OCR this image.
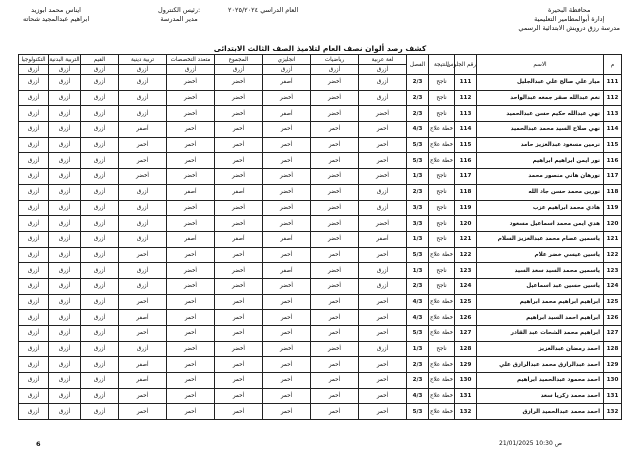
محافظة البحيرة
إدارة أبوالمطامير التعليمية
مدرسة رزق درويش الابتدائية الرسمي
العام الدراسي ٢٠٢٥/٢٠٢٤
رئيس الكنترول:
مدير المدرسة
ايناس محمد ابوزيد
ابراهيم عبدالمجيد شحاته
كشف رصد ألوان نصف العام لتلاميذ الصف الثالث الابتدائى
م	الاسم	رقم الجلوس	النتيجة	الفصل	لغة عربية	رياضيات	انجليزي	المجموع	متعدد التخصصات	تربية دينية	القيم	التربية البدنية	التكنولوجيا
					أزرق	أزرق	أزرق	أزرق	أزرق	أزرق	أزرق	أزرق	أزرق
111	ميار علي صالح علي عبدالجليل	111	ناجح	2/3	أزرق	أخضر	أصفر	أخضر	أخضر	أزرق	أزرق	أزرق	أزرق
112	نغم عبدالله صقر جمعه عبدالواحد	112	ناجح	2/3	أزرق	أخضر	أخضر	أخضر	أخضر	أزرق	أزرق	أزرق	أزرق
113	نهي عبدالله حكيم حسن عبدالحميد	113	ناجح	2/3	أخضر	أخضر	أصفر	أخضر	أخضر	أزرق	أزرق	أزرق	أزرق
114	نهي صلاح السيد محمد عبدالحميد	114	خطة علاج	4/3	أحمر	أحمر	أحمر	أحمر	أحمر	أصفر	أزرق	أزرق	أزرق
115	نرمين مسعود عبدالعزيز حامد	115	خطة علاج	5/3	أحمر	أحمر	أحمر	أحمر	أحمر	أحمر	أزرق	أزرق	أزرق
116	نور ايمن ابراهيم ابراهيم	116	خطة علاج	5/3	أحمر	أحمر	أحمر	أحمر	أحمر	أحمر	أزرق	أزرق	أزرق
117	نورهان هاني منصور محمد	117	ناجح	1/3	أخضر	أخضر	أخضر	أخضر	أخضر	أخضر	أزرق	أزرق	أزرق
118	نورين محمد حسن جاد الله	118	ناجح	2/3	أزرق	أخضر	أخضر	أصفر	أصفر	أزرق	أزرق	أزرق	أزرق
119	هادي محمد ابراهيم عزب	119	ناجح	3/3	أزرق	أخضر	أخضر	أخضر	أخضر	أزرق	أزرق	أزرق	أزرق
120	هدي ايمن محمد اسماعيل مسعود	120	ناجح	3/3	أخضر	أخضر	أخضر	أخضر	أخضر	أزرق	أزرق	أزرق	أزرق
121	ياسمين عصام محمد عبدالعزيز السلام	121	ناجح	1/3	أصفر	أخضر	أصفر	أصفر	أصفر	أزرق	أزرق	أزرق	أزرق
122	ياسين عيسي خضر علام	122	خطة علاج	5/3	أحمر	أحمر	أحمر	أحمر	أحمر	أحمر	أزرق	أزرق	أزرق
123	ياسمين محمد السيد سعد السيد	123	ناجح	1/3	أزرق	أخضر	أصفر	أخضر	أخضر	أزرق	أزرق	أزرق	أزرق
124	ياسين حسين عبد اسماعيل	124	ناجح	2/3	أزرق	أخضر	أخضر	أخضر	أخضر	أزرق	أزرق	أزرق	أزرق
125	ابراهيم ابراهيم محمد ابراهيم	125	خطة علاج	4/3	أحمر	أحمر	أحمر	أحمر	أحمر	أحمر	أزرق	أزرق	أزرق
126	ابراهيم احمد السيد ابراهيم	126	خطة علاج	4/3	أحمر	أحمر	أحمر	أحمر	أحمر	أصفر	أزرق	أزرق	أزرق
127	ابراهيم محمد الشحات عبد القادر	127	خطة علاج	5/3	أحمر	أحمر	أحمر	أحمر	أحمر	أحمر	أزرق	أزرق	أزرق
128	احمد رمضان عبدالعزيز	128	ناجح	1/3	أزرق	أخضر	أخضر	أخضر	أخضر	أزرق	أزرق	أزرق	أزرق
129	احمد عبدالرازق محمد عبدالرازق علي	129	خطة علاج	2/3	أحمر	أحمر	أحمر	أحمر	أحمر	أصفر	أزرق	أزرق	أزرق
130	احمد محمود عبدالحميد ابراهيم	130	خطة علاج	2/3	أحمر	أحمر	أحمر	أحمر	أحمر	أصفر	أزرق	أزرق	أزرق
131	احمد محمد زكريا سعد	131	خطة علاج	4/3	أحمر	أحمر	أحمر	أحمر	أحمر	أحمر	أزرق	أزرق	أزرق
132	احمد محمد عبدالحميد الرازق	132	خطة علاج	5/3	أحمر	أحمر	أحمر	أحمر	أحمر	أحمر	أزرق	أزرق	أزرق
21/01/2025 10:30 ص
6
